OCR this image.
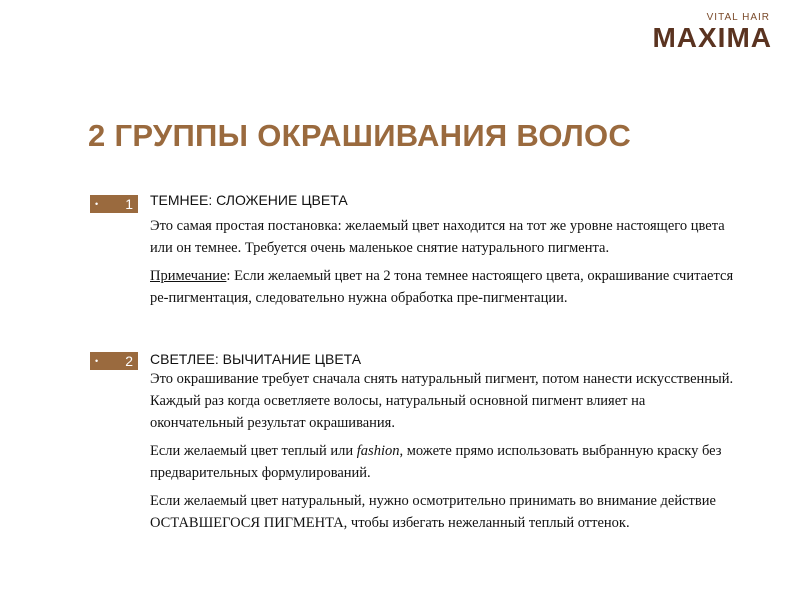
VITAL HAIR
MAXIMA
2 ГРУППЫ ОКРАШИВАНИЯ ВОЛОС
• 1 ТЕМНЕЕ: СЛОЖЕНИЕ ЦВЕТА

Это самая простая постановка: желаемый цвет находится на тот же уровне настоящего цвета или он темнее. Требуется очень маленькое снятие натурального пигмента.

Примечание: Если желаемый цвет на 2 тона темнее настоящего цвета, окрашивание считается ре-пигментация, следовательно нужна обработка пре-пигментации.

• 2 СВЕТЛЕЕ: ВЫЧИТАНИЕ ЦВЕТА

Это окрашивание требует сначала снять натуральный пигмент, потом нанести искусственный. Каждый раз когда осветляете волосы, натуральный основной пигмент влияет на окончательный результат окрашивания.

Если желаемый цвет теплый или fashion, можете прямо использовать выбранную краску без предварительных формулирований.

Если желаемый цвет натуральный, нужно осмотрительно принимать во внимание действие ОСТАВШЕГОСЯ ПИГМЕНТА, чтобы избегать нежеланный теплый оттенок.
